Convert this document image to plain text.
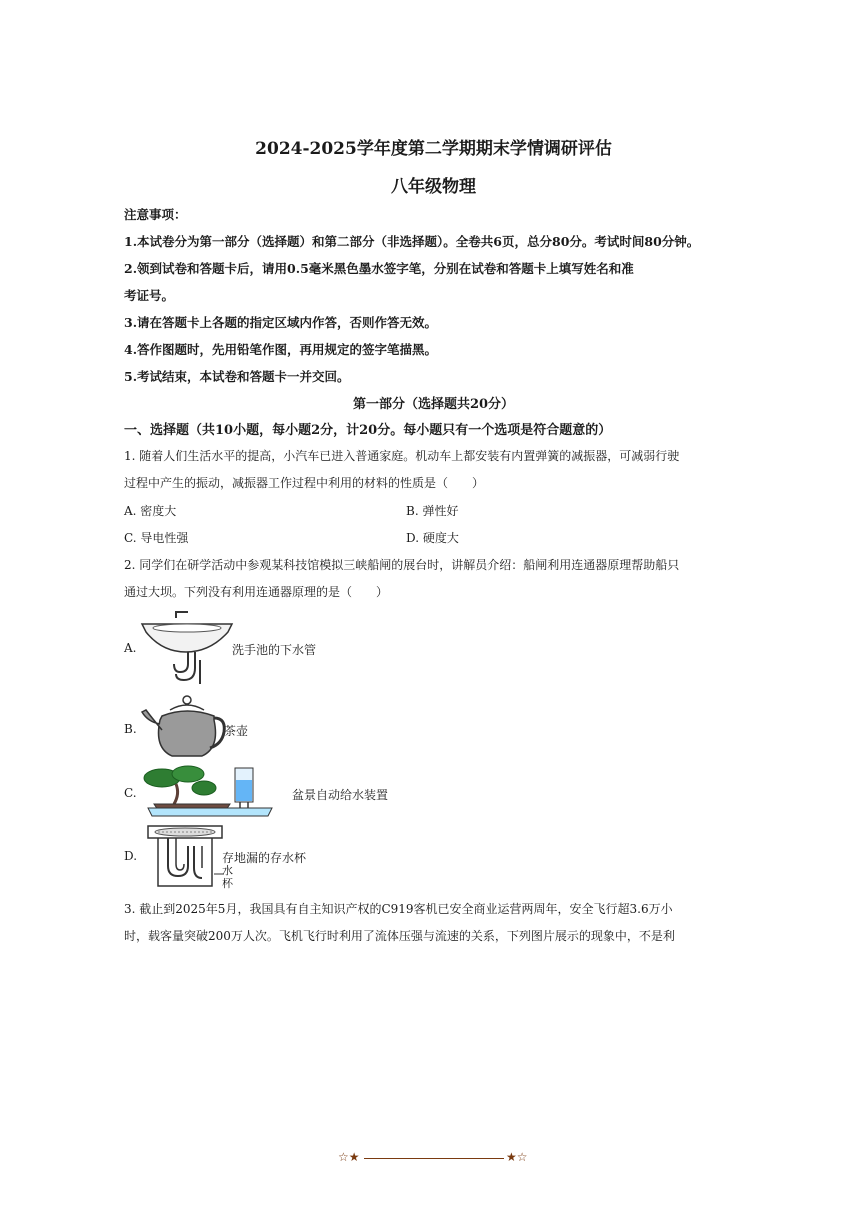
2024-2025学年度第二学期期末学情调研评估
八年级物理
注意事项：
1.本试卷分为第一部分（选择题）和第二部分（非选择题）。全卷共6页，总分80分。考试时间80分钟。
2.领到试卷和答题卡后，请用0.5毫米黑色墨水签字笔，分别在试卷和答题卡上填写姓名和准
考证号。
3.请在答题卡上各题的指定区域内作答，否则作答无效。
4.答作图题时，先用铅笔作图，再用规定的签字笔描黑。
5.考试结束，本试卷和答题卡一并交回。
第一部分（选择题共20分）
一、选择题（共10小题，每小题2分，计20分。每小题只有一个选项是符合题意的）
1. 随着人们生活水平的提高，小汽车已进入普通家庭。机动车上都安装有内置弹簧的减振器，可减弱行驶
过程中产生的振动，减振器工作过程中利用的材料的性质是（　　）
A. 密度大	B. 弹性好
C. 导电性强	D. 硬度大
2. 同学们在研学活动中参观某科技馆模拟三峡船闸的展台时，讲解员介绍：船闸利用连通器原理帮助船只
通过大坝。下列没有利用连通器原理的是（　　）
A.	洗手池的下水管
B.	茶壶
C.	盆景自动给水装置
D.	存地漏的存水杯
水
杯
3. 截止到2025年5月，我国具有自主知识产权的C919客机已安全商业运营两周年，安全飞行超3.6万小
时，载客量突破200万人次。飞机飞行时利用了流体压强与流速的关系，下列图片展示的现象中，不是利
☆★	★☆
